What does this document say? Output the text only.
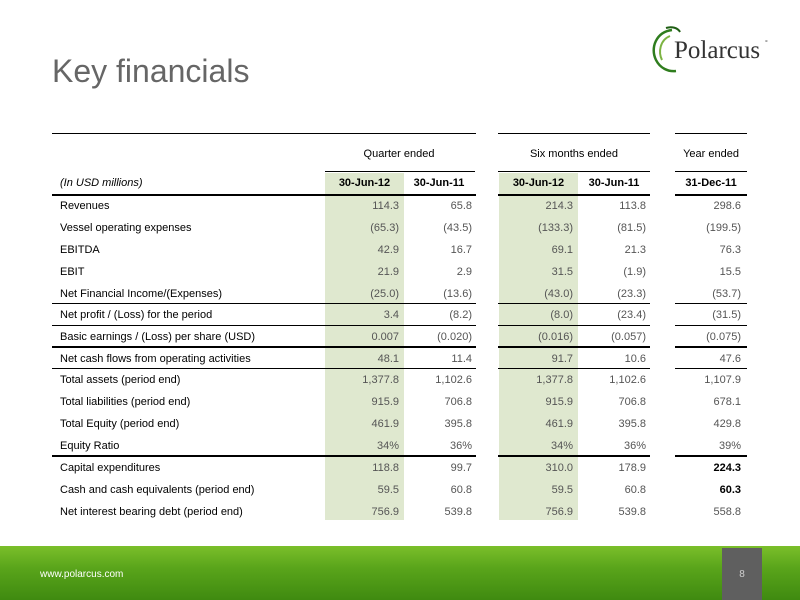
Key financials
Polarcus °
Quarter ended	Six months ended	Year ended
(In USD millions)	30-Jun-12	30-Jun-11	30-Jun-12	30-Jun-11	31-Dec-11
Revenues	114.3	65.8	214.3	113.8	298.6
Vessel operating expenses	(65.3)	(43.5)	(133.3)	(81.5)	(199.5)
EBITDA	42.9	16.7	69.1	21.3	76.3
EBIT	21.9	2.9	31.5	(1.9)	15.5
Net Financial Income/(Expenses)	(25.0)	(13.6)	(43.0)	(23.3)	(53.7)
Net profit / (Loss) for the period	3.4	(8.2)	(8.0)	(23.4)	(31.5)
Basic earnings / (Loss) per share (USD)	0.007	(0.020)	(0.016)	(0.057)	(0.075)
Net cash flows from operating activities	48.1	11.4	91.7	10.6	47.6
Total assets (period end)	1,377.8	1,102.6	1,377.8	1,102.6	1,107.9
Total liabilities (period end)	915.9	706.8	915.9	706.8	678.1
Total Equity (period end)	461.9	395.8	461.9	395.8	429.8
Equity Ratio	34%	36%	34%	36%	39%
Capital expenditures	118.8	99.7	310.0	178.9	224.3
Cash and cash equivalents (period end)	59.5	60.8	59.5	60.8	60.3
Net interest bearing debt (period end)	756.9	539.8	756.9	539.8	558.8
www.polarcus.com	8
